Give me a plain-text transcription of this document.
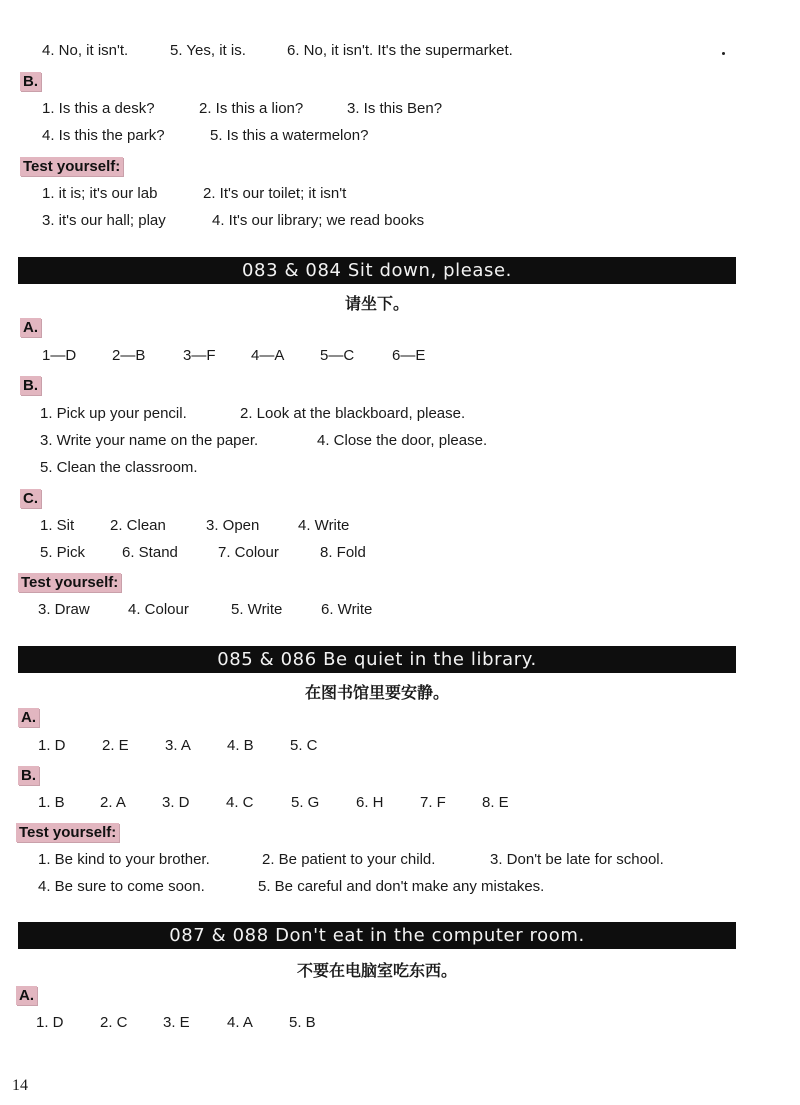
4. No, it isn't.	5. Yes, it is.	6. No, it isn't. It's the supermarket.
B.
1. Is this a desk?	2. Is this a lion?	3. Is this Ben?
4. Is this the park?	5. Is this a watermelon?
Test yourself:
1. it is; it's our lab	2. It's our toilet; it isn't
3. it's our hall; play	4. It's our library; we read books
083 & 084 Sit down, please.
请坐下。
A.
1—D 2—B	3—F 4—A 5—C	6—E
B.
1. Pick up your pencil.	2. Look at the blackboard, please.
3. Write your name on the paper.	4. Close the door, please.
5. Clean the classroom.
C.
1. Sit 2. Clean	3. Open	4. Write
5. Pick 6. Stand	7. Colour	8. Fold
Test yourself:
3. Draw	4. Colour	5. Write	6. Write
085 & 086 Be quiet in the library.
在图书馆里要安静。
A.
1. D 2. E 3. A 4. B 5. C
B.
1. B 2. A 3. D 4. C 5. G 6. H 7. F 8. E
Test yourself:
1. Be kind to your brother.	2. Be patient to your child.	3. Don't be late for school.
4. Be sure to come soon.	5. Be careful and don't make any mistakes.
087 & 088 Don't eat in the computer room.
不要在电脑室吃东西。
A.
1. D 2. C 3. E 4. A 5. B
14
